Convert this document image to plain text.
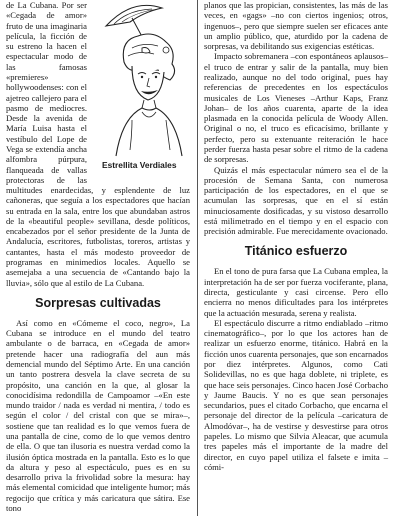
Estrellita Verdiales

de La Cubana. Por ser «Cegada de amor» fruto de una imaginaria película, la ficción de su estreno la hacen el espectacular modo de las famosas «premieres» hollywoodenses: con el ajetreo callejero para el pasmo de mediocres. Desde la avenida de María Luisa hasta el vestíbulo del Lope de Vega se extendía ancha alfombra púrpura, flanqueada de vallas protectoras de las multitudes enardecidas, y esplendente de luz cañoneras, que seguía a los espectadores que hacían su entrada en la sala, entre los que abundaban astros de la «beautiful people» sevillana, desde políticos, encabezados por el señor presidente de la Junta de Andalucía, escritores, futbolistas, toreros, artistas y cantantes, hasta el más modesto proveedor de programas en minimedios locales. Aquello se asemejaba a una secuencia de «Cantando bajo la lluvia», sólo que al estilo de La Cubana.

Sorpresas cultivadas

Así como en «Cómeme el coco, negro», La Cubana se introduce en el mundo del teatro ambulante o de barraca, en «Cegada de amor» pretende hacer una radiografía del aun más demencial mundo del Séptimo Arte. En una canción un tanto postrera desvela la clave secreta de su propósito, una canción en la que, al glosar la conocidísima redondilla de Campoamor –«En este mundo traidor / nada es verdad ni mentira, / todo es según el color / del cristal con que se mira»–, sostiene que tan realidad es lo que vemos fuera de una pantalla de cine, como de lo que vemos dentro de ella. O que tan ilusoria es nuestra verdad como la ilusión óptica mostrada en la pantalla. Esto es lo que da altura y peso al espectáculo, pues es en su desarrollo priva la frivolidad sobre la mesura: hay más elemental comicidad que inteligente humor; más regocijo que crítica y más caricatura que sátira. Ese tono

planos que las propician, consistentes, las más de las veces, en «gags» –no con ciertos ingenios; otros, ingenuos–, pero que siempre suelen ser eficaces ante un amplio público, que, aturdido por la cadena de sorpresas, va debilitando sus exigencias estéticas.

Impacto sobremanera –con espontáneos aplausos– el truco de entrar y salir de la pantalla, muy bien realizado, aunque no del todo original, pues hay referencias de precedentes en los espectáculos musicales de Los Vieneses –Arthur Kaps, Franz Johan– de los años cuarenta, aparte de la idea plasmada en la conocida película de Woody Allen. Original o no, el truco es eficacísimo, brillante y perfecto, pero su extenuante reiteración le hace perder fuerza hasta pesar sobre el ritmo de la cadena de sorpresas.

Quizás el más espectacular número sea el de la procesión de Semana Santa, con numerosa participación de los espectadores, en el que se acumulan las sorpresas, que en el sí están minuciosamente dosificadas, y su vistoso desarrollo está milimetrado en el tiempo y en el espacio con precisión admirable. Fue merecidamente ovacionado.

Titánico esfuerzo

En el tono de pura farsa que La Cubana emplea, la interpretación ha de ser por fuerza vociferante, plana, directa, gesticulante y casi circense. Pero ello encierra no menos dificultades para los intérpretes que la actuación mesurada, serena y realista.

El espectáculo discurre a ritmo endiablado –ritmo cinematográfico–, por lo que los actores han de realizar un esfuerzo enorme, titánico. Habrá en la ficción unos cuarenta personajes, que son encarnados por diez intérpretes. Algunos, como Cati Solidevillas, no es que haga doblete, ni triplete, es que hace seis personajes. Cinco hacen José Corbacho y Jaume Baucis. Y no es que sean personajes secundarios, pues el citado Corbacho, que encarna el personaje del director de la película –caricatura de Almodóvar–, ha de vestirse y desvestirse para otros papeles. Lo mismo que Silvia Aleacar, que acumula tres papeles más el importante de la madre del director, en cuyo papel utiliza el falsete e imita –cómi-
